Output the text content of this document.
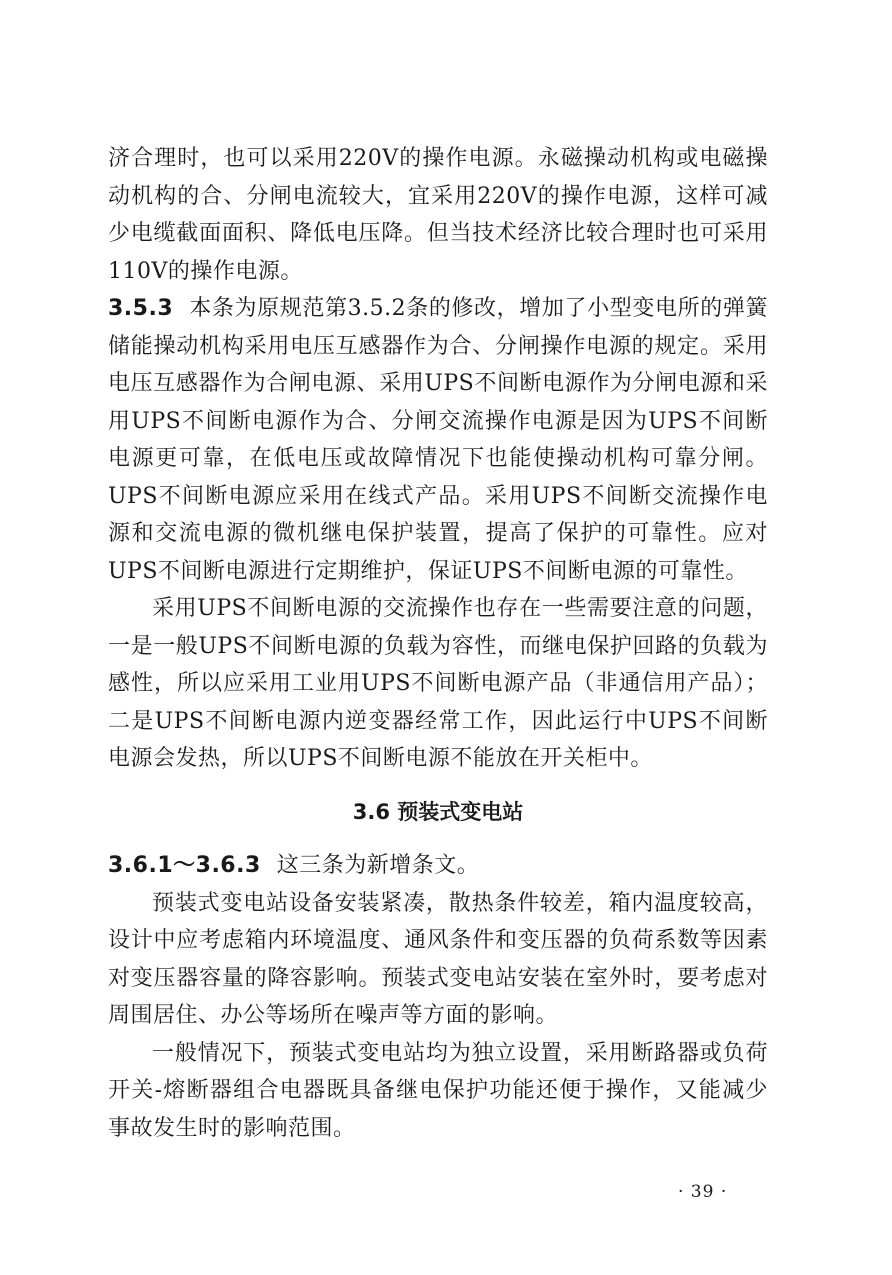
济合理时，也可以采用220V的操作电源。永磁操动机构或电磁操动机构的合、分闸电流较大，宜采用220V的操作电源，这样可减少电缆截面面积、降低电压降。但当技术经济比较合理时也可采用110V的操作电源。

3.5.3 本条为原规范第3.5.2条的修改，增加了小型变电所的弹簧储能操动机构采用电压互感器作为合、分闸操作电源的规定。采用电压互感器作为合闸电源、采用UPS不间断电源作为分闸电源和采用UPS不间断电源作为合、分闸交流操作电源是因为UPS不间断电源更可靠，在低电压或故障情况下也能使操动机构可靠分闸。UPS不间断电源应采用在线式产品。采用UPS不间断交流操作电源和交流电源的微机继电保护装置，提高了保护的可靠性。应对UPS不间断电源进行定期维护，保证UPS不间断电源的可靠性。

采用UPS不间断电源的交流操作也存在一些需要注意的问题，一是一般UPS不间断电源的负载为容性，而继电保护回路的负载为感性，所以应采用工业用UPS不间断电源产品（非通信用产品）；二是UPS不间断电源内逆变器经常工作，因此运行中UPS不间断电源会发热，所以UPS不间断电源不能放在开关柜中。

3.6 预装式变电站

3.6.1～3.6.3 这三条为新增条文。

预装式变电站设备安装紧凑，散热条件较差，箱内温度较高，设计中应考虑箱内环境温度、通风条件和变压器的负荷系数等因素对变压器容量的降容影响。预装式变电站安装在室外时，要考虑对周围居住、办公等场所在噪声等方面的影响。

一般情况下，预装式变电站均为独立设置，采用断路器或负荷开关-熔断器组合电器既具备继电保护功能还便于操作，又能减少事故发生时的影响范围。

· 39 ·
